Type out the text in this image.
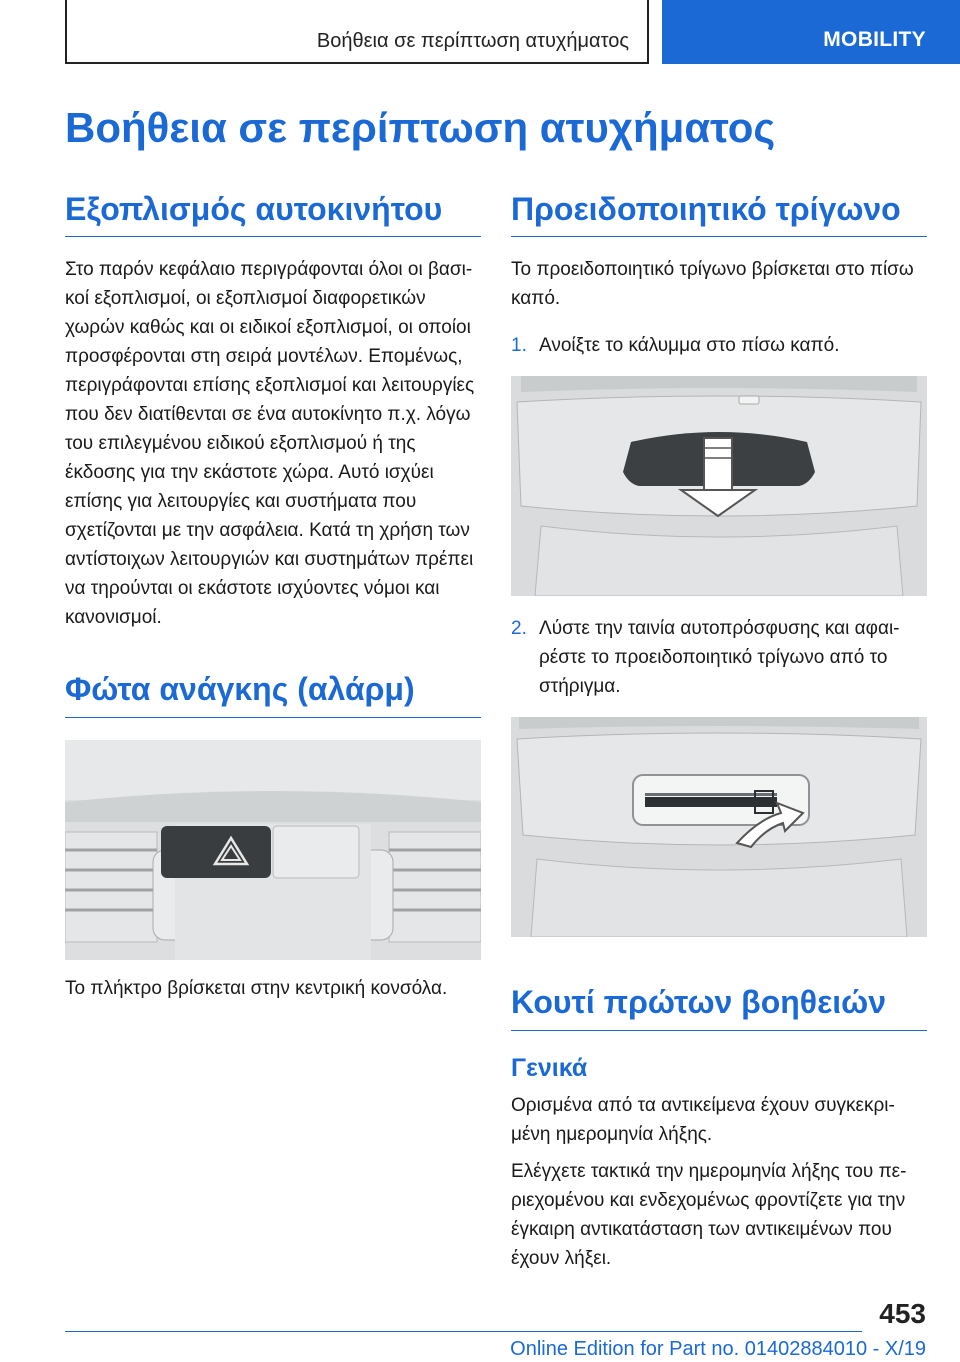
Βοήθεια σε περίπτωση ατυχήματος	MOBILITY
Βοήθεια σε περίπτωση ατυχήματος
Εξοπλισμός αυτοκινήτου
Στο παρόν κεφάλαιο περιγράφονται όλοι οι βασικοί εξοπλισμοί, οι εξοπλισμοί διαφορετικών χωρών καθώς και οι ειδικοί εξοπλισμοί, οι οποίοι προσφέρονται στη σειρά μοντέλων. Επομένως, περιγράφονται επίσης εξοπλισμοί και λειτουργίες που δεν διατίθενται σε ένα αυτοκίνητο π.χ. λόγω του επιλεγμένου ειδικού εξοπλισμού ή της έκδοσης για την εκάστοτε χώρα. Αυτό ισχύει επίσης για λειτουργίες και συστήματα που σχετίζονται με την ασφάλεια. Κατά τη χρήση των αντίστοιχων λειτουργιών και συστημάτων πρέπει να τηρούνται οι εκάστοτε ισχύοντες νόμοι και κανονισμοί.
Φώτα ανάγκης (αλάρμ)
Το πλήκτρο βρίσκεται στην κεντρική κονσόλα.
Προειδοποιητικό τρίγωνο
Το προειδοποιητικό τρίγωνο βρίσκεται στο πίσω καπό.
1. Ανοίξτε το κάλυμμα στο πίσω καπό.
2. Λύστε την ταινία αυτοπρόσφυσης και αφαιρέστε το προειδοποιητικό τρίγωνο από το στήριγμα.
Κουτί πρώτων βοηθειών
Γενικά
Ορισμένα από τα αντικείμενα έχουν συγκεκριμένη ημερομηνία λήξης.
Ελέγχετε τακτικά την ημερομηνία λήξης του περιεχομένου και ενδεχομένως φροντίζετε για την έγκαιρη αντικατάσταση των αντικειμένων που έχουν λήξει.
453
Online Edition for Part no. 01402884010 - X/19
